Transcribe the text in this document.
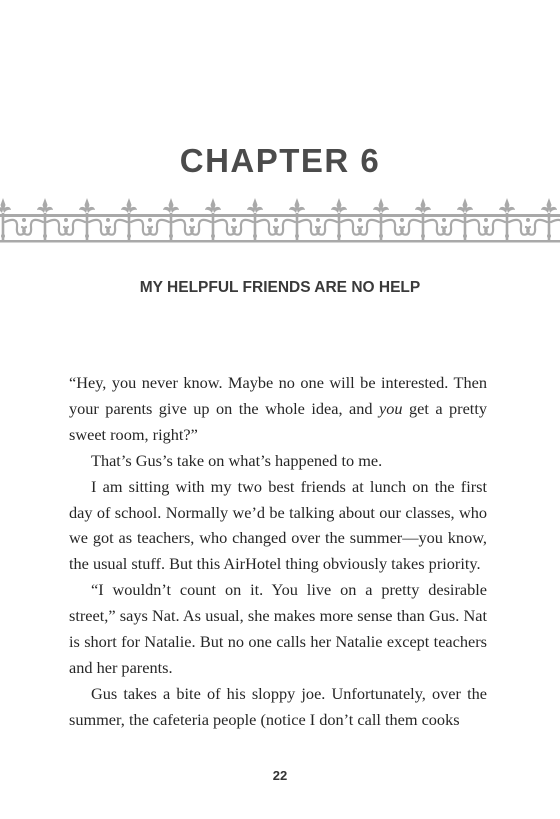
CHAPTER 6
MY HELPFUL FRIENDS ARE NO HELP

“Hey, you never know. Maybe no one will be interested. Then your parents give up on the whole idea, and you get a pretty sweet room, right?”

That’s Gus’s take on what’s happened to me.

I am sitting with my two best friends at lunch on the first day of school. Normally we’d be talking about our classes, who we got as teachers, who changed over the summer—you know, the usual stuff. But this AirHotel thing obviously takes priority.

“I wouldn’t count on it. You live on a pretty desirable street,” says Nat. As usual, she makes more sense than Gus. Nat is short for Natalie. But no one calls her Natalie except teachers and her parents.

Gus takes a bite of his sloppy joe. Unfortunately, over the summer, the cafeteria people (notice I don’t call them cooks

22
